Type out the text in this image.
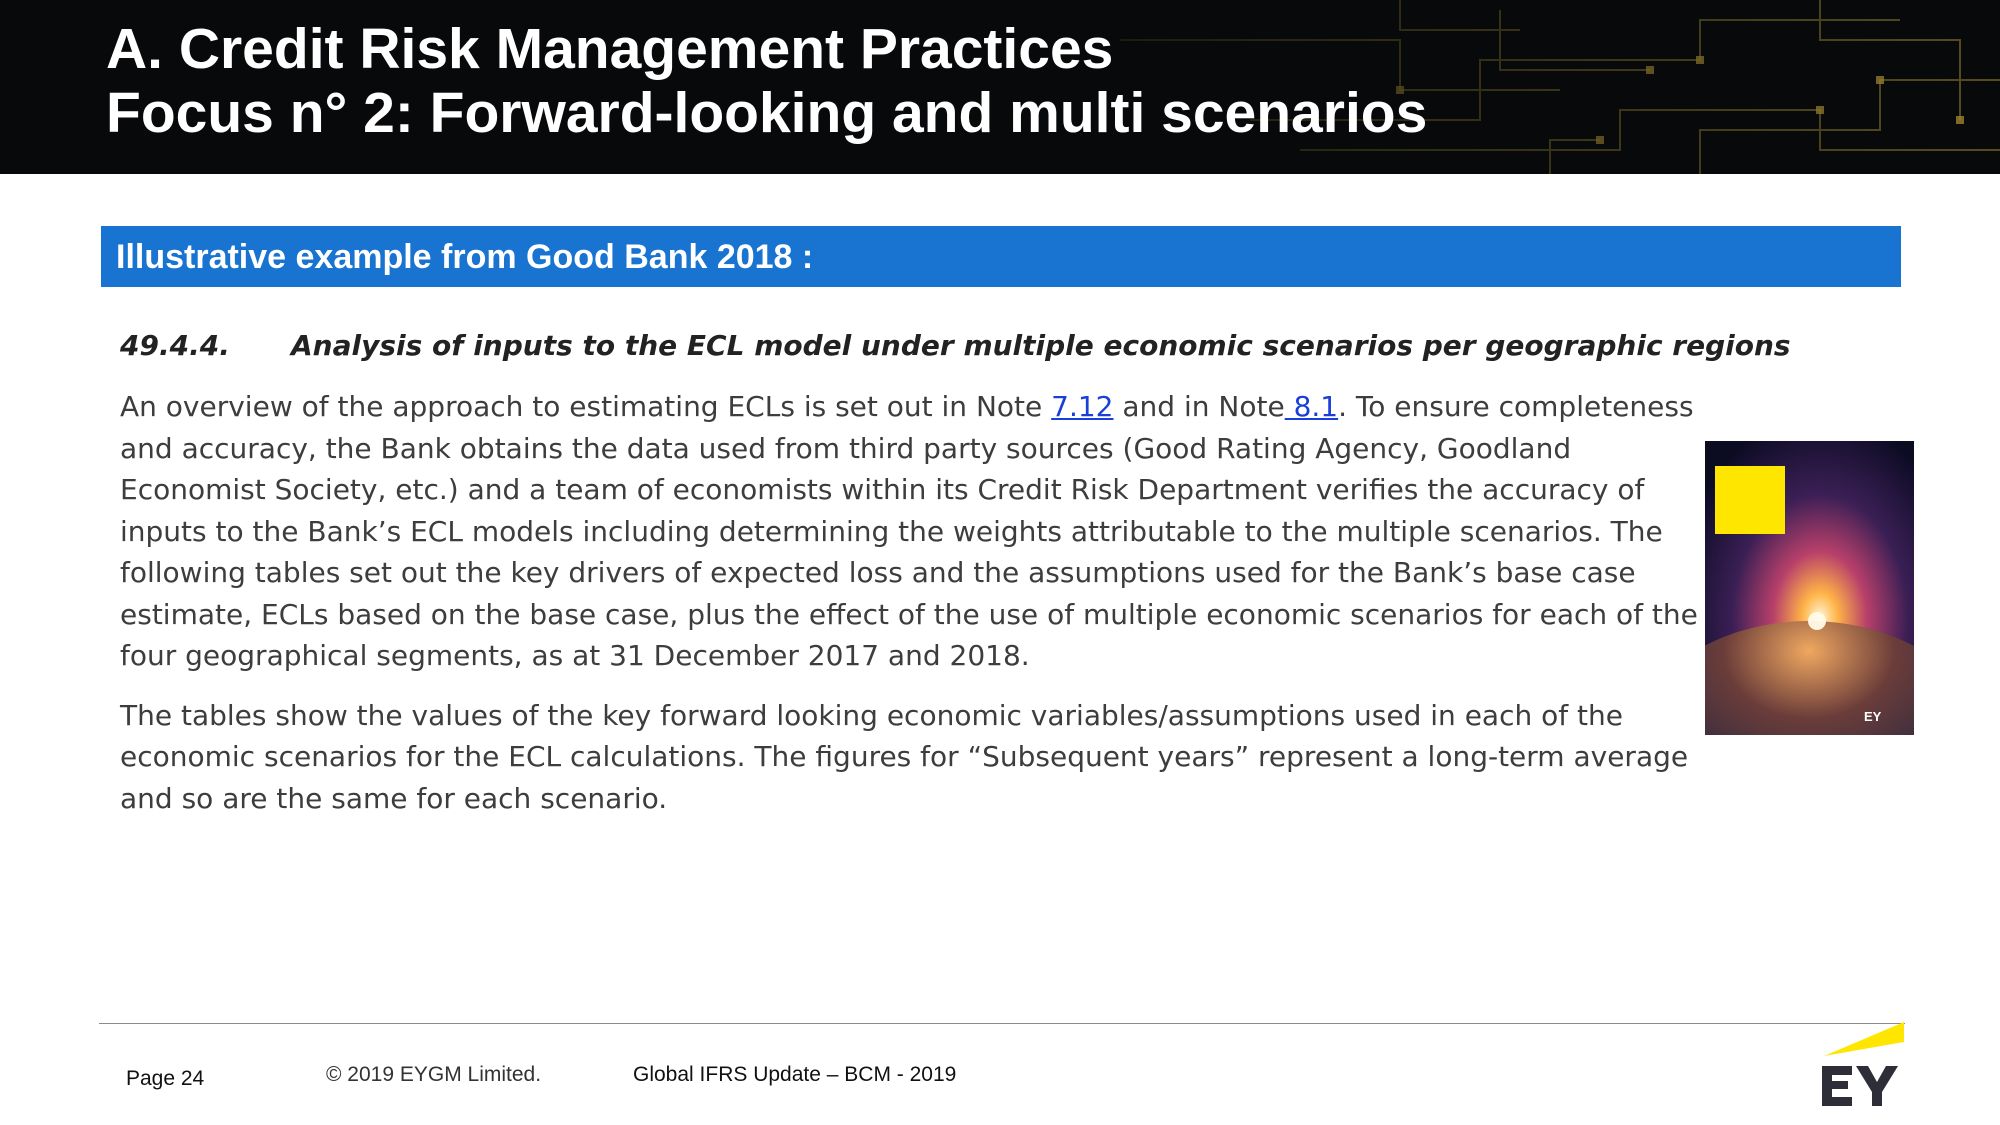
A. Credit Risk Management Practices
Focus n° 2: Forward-looking and multi scenarios

Illustrative example from Good Bank 2018 :

49.4.4. Analysis of inputs to the ECL model under multiple economic scenarios per geographic regions

An overview of the approach to estimating ECLs is set out in Note 7.12 and in Note 8.1. To ensure completeness
and accuracy, the Bank obtains the data used from third party sources (Good Rating Agency, Goodland
Economist Society, etc.) and a team of economists within its Credit Risk Department verifies the accuracy of
inputs to the Bank’s ECL models including determining the weights attributable to the multiple scenarios. The
following tables set out the key drivers of expected loss and the assumptions used for the Bank’s base case
estimate, ECLs based on the base case, plus the effect of the use of multiple economic scenarios for each of the
four geographical segments, as at 31 December 2017 and 2018.

The tables show the values of the key forward looking economic variables/assumptions used in each of the
economic scenarios for the ECL calculations. The figures for “Subsequent years” represent a long-term average
and so are the same for each scenario.

EY
Page 24	© 2019 EYGM Limited.	Global IFRS Update – BCM - 2019
